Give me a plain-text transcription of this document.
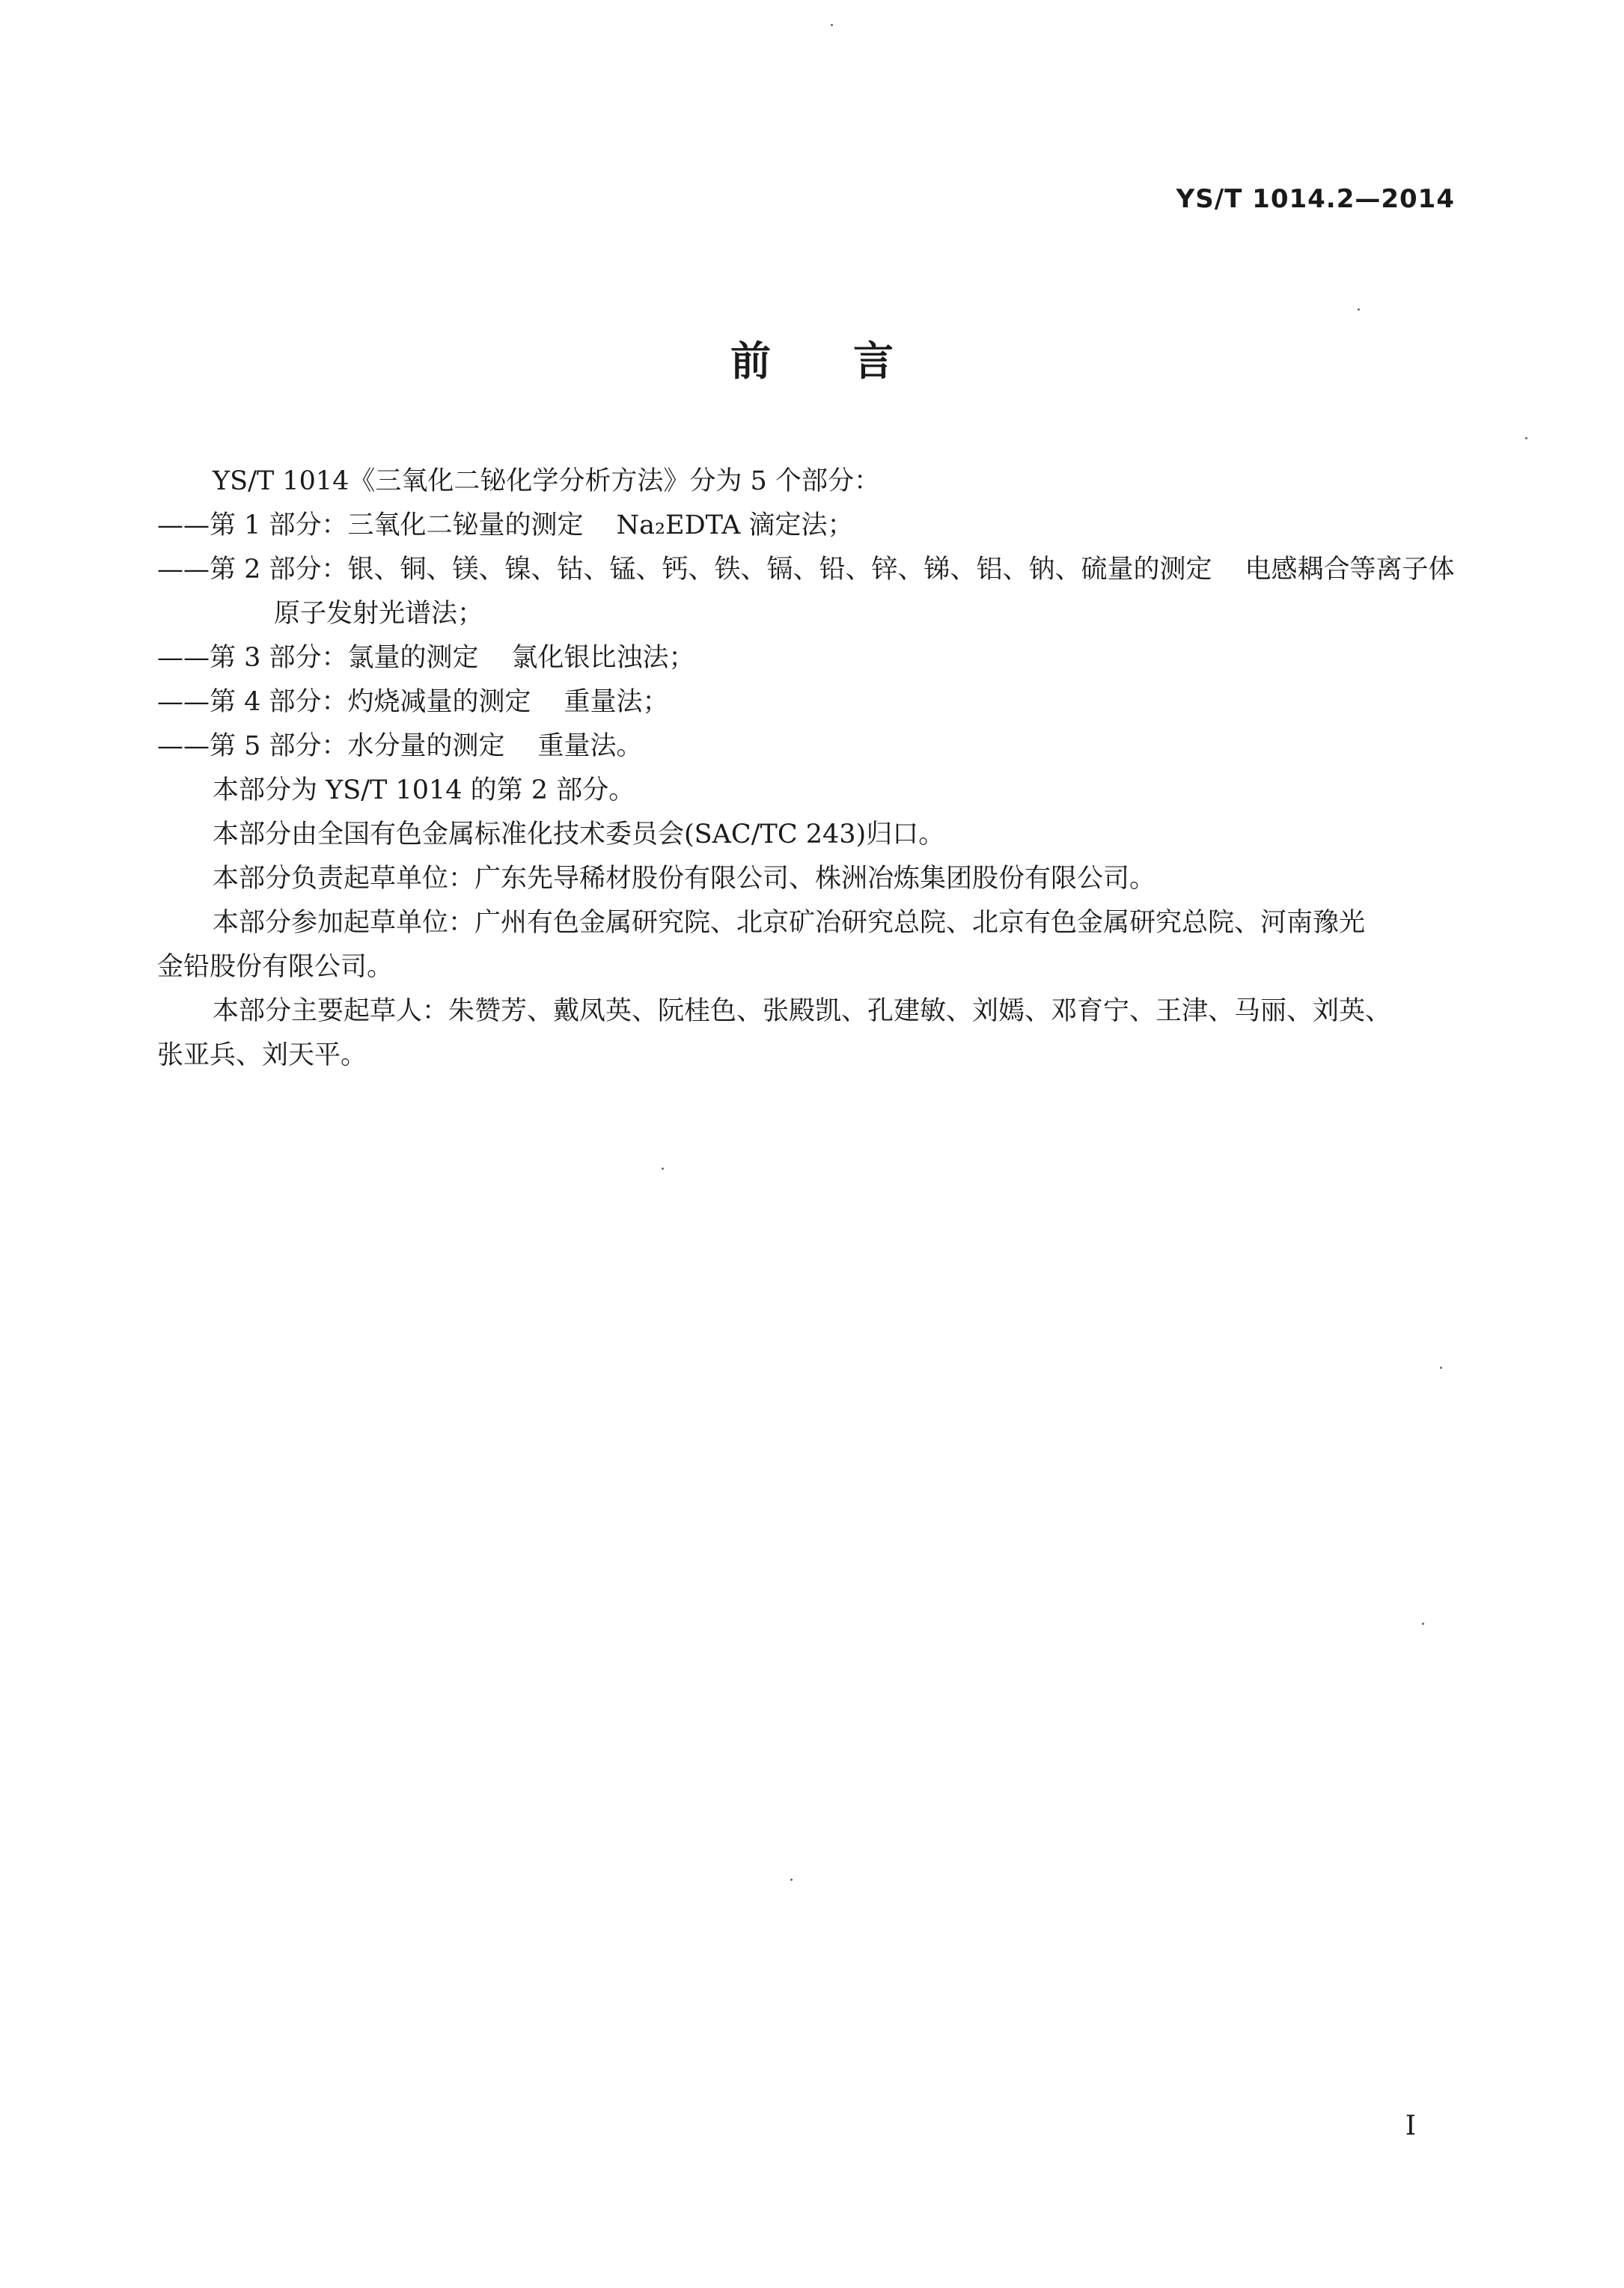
YS/T 1014.2—2014
前言

YS/T 1014《三氧化二铋化学分析方法》分为 5 个部分：

——第 1 部分：三氧化二铋量的测定 Na₂EDTA 滴定法；

——第 2 部分：银、铜、镁、镍、钴、锰、钙、铁、镉、铅、锌、锑、铝、钠、硫量的测定 电感耦合等离子体

原子发射光谱法；

——第 3 部分：氯量的测定 氯化银比浊法；

——第 4 部分：灼烧减量的测定 重量法；

——第 5 部分：水分量的测定 重量法。

本部分为 YS/T 1014 的第 2 部分。

本部分由全国有色金属标准化技术委员会(SAC/TC 243)归口。

本部分负责起草单位：广东先导稀材股份有限公司、株洲冶炼集团股份有限公司。

本部分参加起草单位：广州有色金属研究院、北京矿冶研究总院、北京有色金属研究总院、河南豫光

金铅股份有限公司。

本部分主要起草人：朱赞芳、戴凤英、阮桂色、张殿凯、孔建敏、刘嫣、邓育宁、王津、马丽、刘英、

张亚兵、刘天平。

I
